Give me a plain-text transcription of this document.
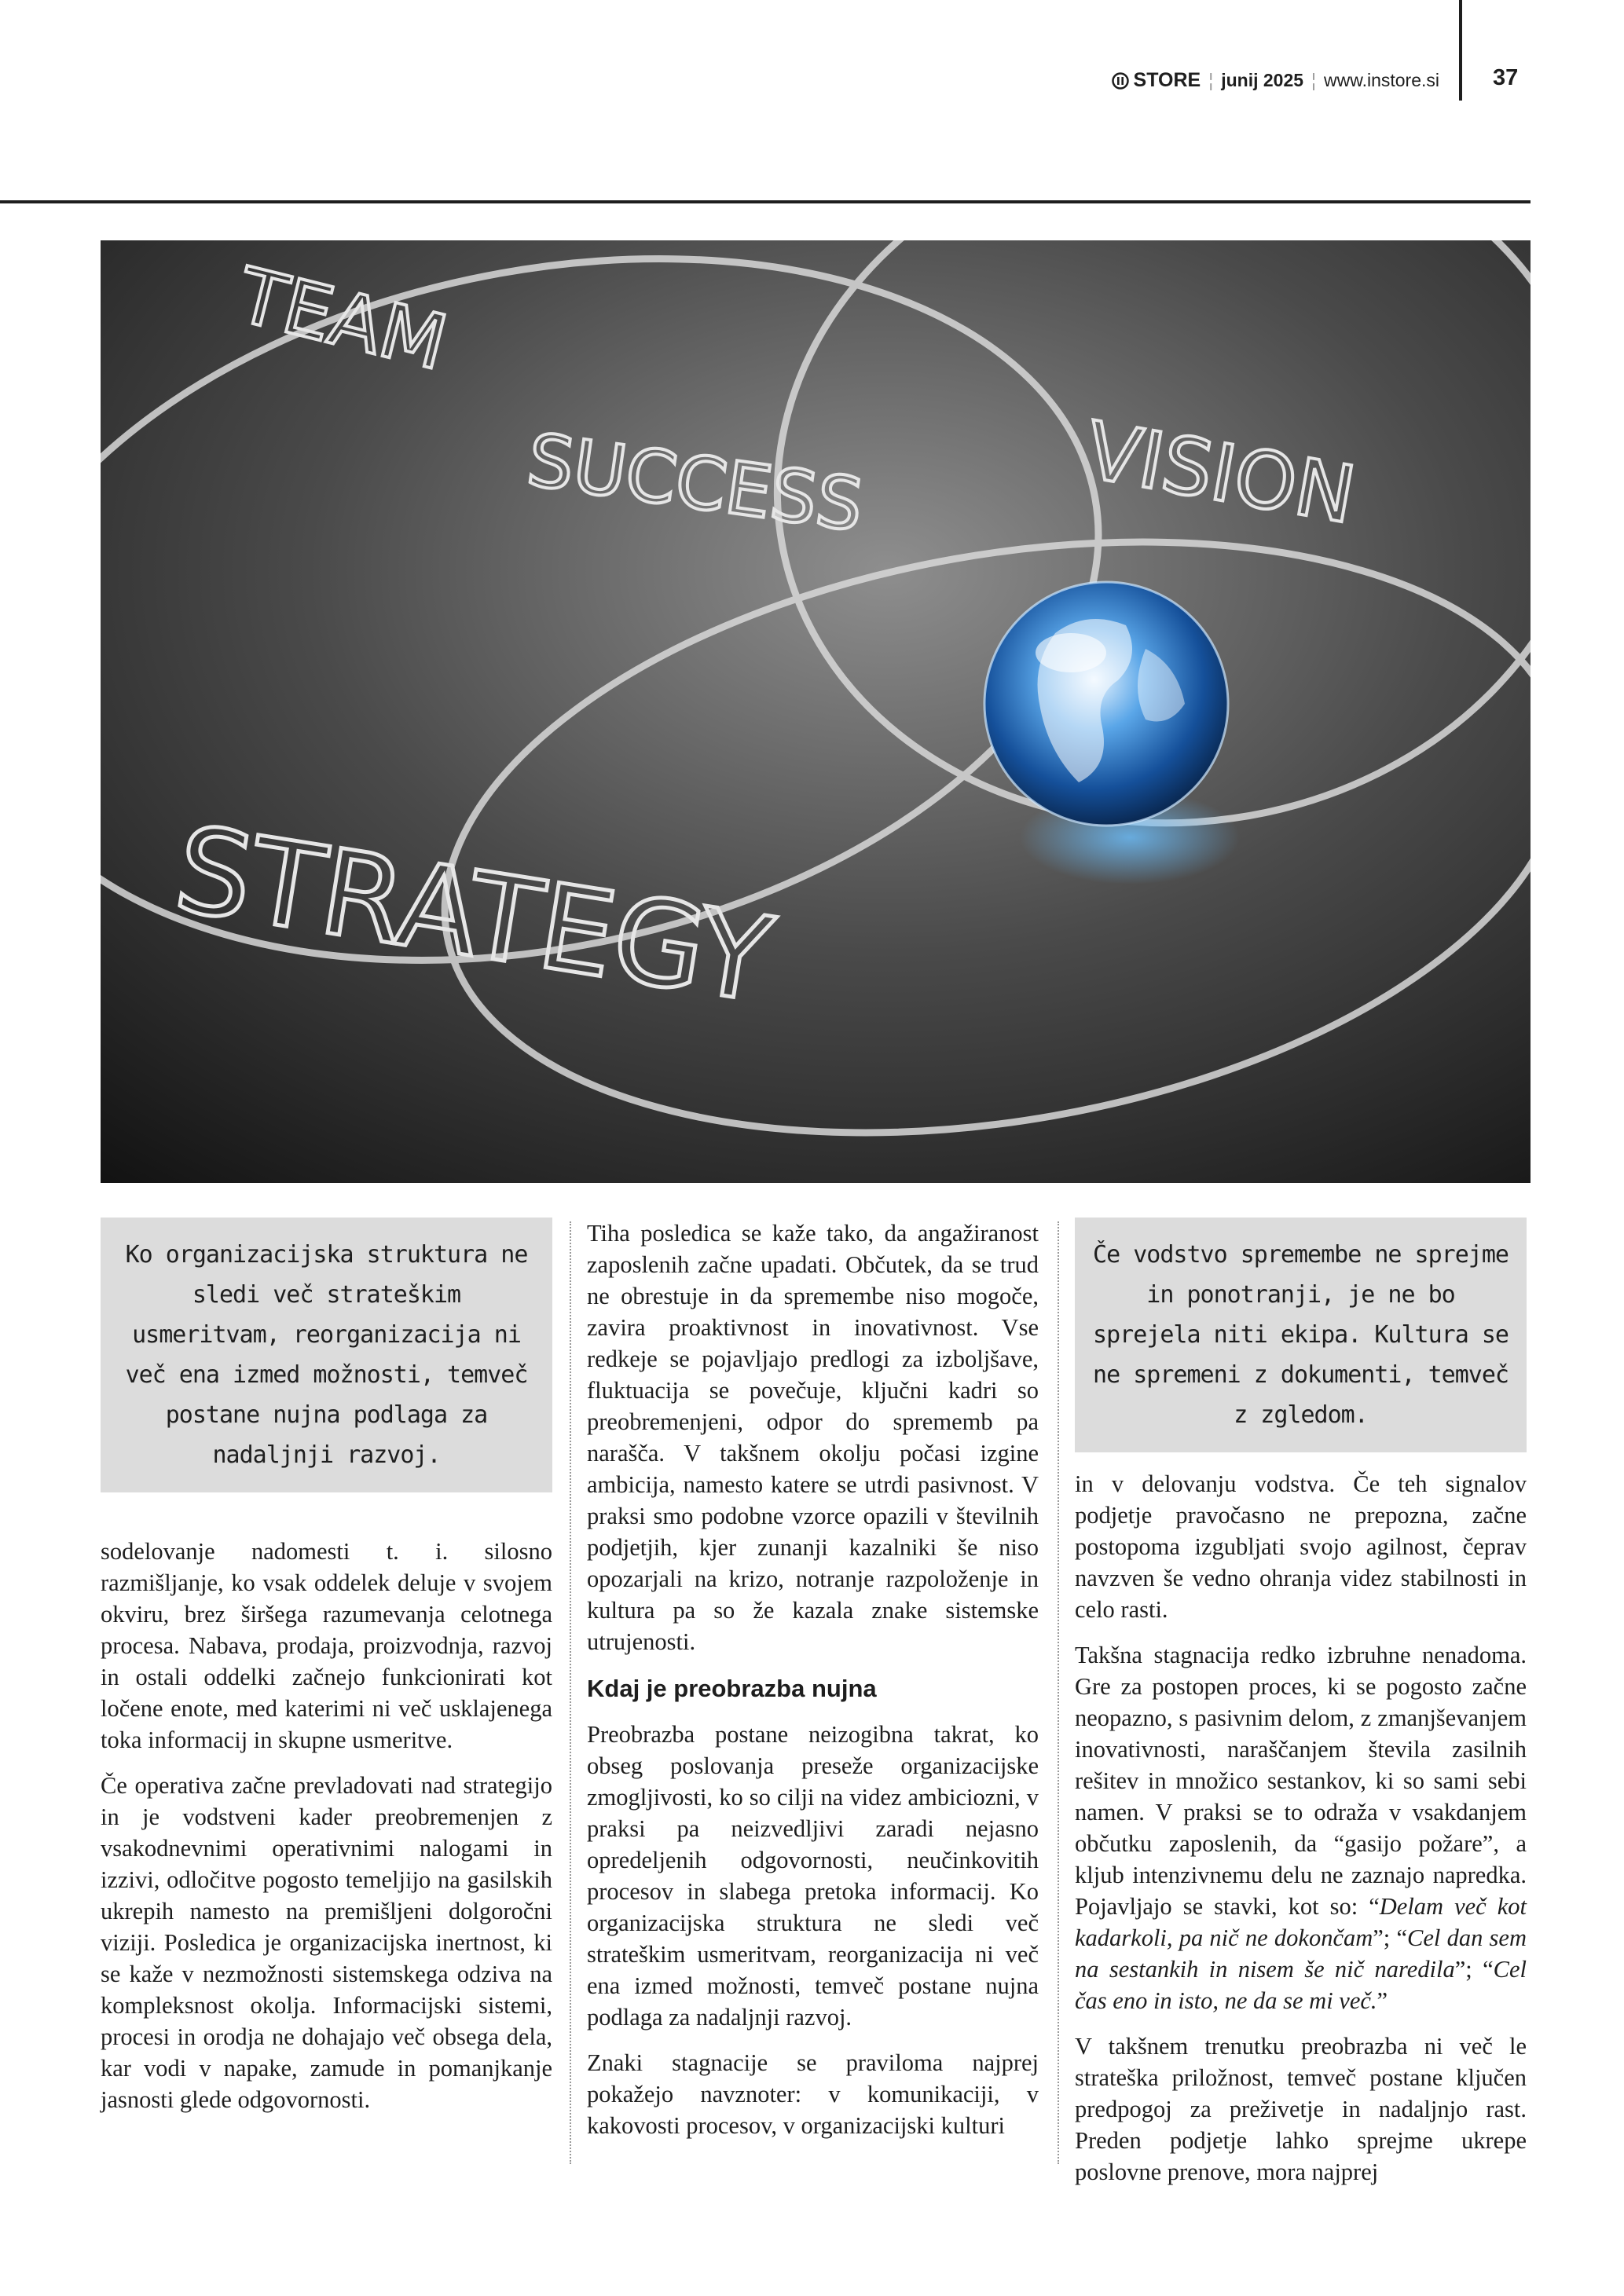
STORE ¦ junij 2025 ¦ www.instore.si 37
TEAM
SUCCESS	VISION
STRATEGY
Ko organizacijska struktura ne sledi več strateškim usmeritvam, reorganizacija ni več ena izmed možnosti, temveč postane nujna podlaga za nadaljnji razvoj.

sodelovanje nadomesti t. i. silosno razmišljanje, ko vsak oddelek deluje v svojem okviru, brez širšega razumevanja celotnega procesa. Nabava, prodaja, proizvodnja, razvoj in ostali oddelki začnejo funkcionirati kot ločene enote, med katerimi ni več usklajenega toka informacij in skupne usmeritve.

Če operativa začne prevladovati nad strategijo in je vodstveni kader preobremenjen z vsakodnevnimi operativnimi nalogami in izzivi, odločitve pogosto temeljijo na gasilskih ukrepih namesto na premišljeni dolgoročni viziji. Posledica je organizacijska inertnost, ki se kaže v nezmožnosti sistemskega odziva na kompleksnost okolja. Informacijski sistemi, procesi in orodja ne dohajajo več obsega dela, kar vodi v napake, zamude in pomanjkanje jasnosti glede odgovornosti.

Tiha posledica se kaže tako, da angažiranost zaposlenih začne upadati. Občutek, da se trud ne obrestuje in da spremembe niso mogoče, zavira proaktivnost in inovativnost. Vse redkeje se pojavljajo predlogi za izboljšave, fluktuacija se povečuje, ključni kadri so preobremenjeni, odpor do sprememb pa narašča. V takšnem okolju počasi izgine ambicija, namesto katere se utrdi pasivnost. V praksi smo podobne vzorce opazili v številnih podjetjih, kjer zunanji kazalniki še niso opozarjali na krizo, notranje razpoloženje in kultura pa so že kazala znake sistemske utrujenosti.

Kdaj je preobrazba nujna

Preobrazba postane neizogibna takrat, ko obseg poslovanja preseže organizacijske zmogljivosti, ko so cilji na videz ambiciozni, v praksi pa neizvedljivi zaradi nejasno opredeljenih odgovornosti, neučinkovitih procesov in slabega pretoka informacij. Ko organizacijska struktura ne sledi več strateškim usmeritvam, reorganizacija ni več ena izmed možnosti, temveč postane nujna podlaga za nadaljnji razvoj.

Znaki stagnacije se praviloma najprej pokažejo navznoter: v komunikaciji, v kakovosti procesov, v organizacijski kulturi

Če vodstvo spremembe ne sprejme in ponotranji, je ne bo sprejela niti ekipa. Kultura se ne spremeni z dokumenti, temveč z zgledom.

in v delovanju vodstva. Če teh signalov podjetje pravočasno ne prepozna, začne postopoma izgubljati svojo agilnost, čeprav navzven še vedno ohranja videz stabilnosti in celo rasti.

Takšna stagnacija redko izbruhne nenadoma. Gre za postopen proces, ki se pogosto začne neopazno, s pasivnim delom, z zmanjševanjem inovativnosti, naraščanjem števila zasilnih rešitev in množico sestankov, ki so sami sebi namen. V praksi se to odraža v vsakdanjem občutku zaposlenih, da “gasijo požare”, a kljub intenzivnemu delu ne zaznajo napredka. Pojavljajo se stavki, kot so: “Delam več kot kadarkoli, pa nič ne dokončam”; “Cel dan sem na sestankih in nisem še nič naredila”; “Cel čas eno in isto, ne da se mi več.”

V takšnem trenutku preobrazba ni več le strateška priložnost, temveč postane ključen predpogoj za preživetje in nadaljnjo rast. Preden podjetje lahko sprejme ukrepe poslovne prenove, mora najprej
